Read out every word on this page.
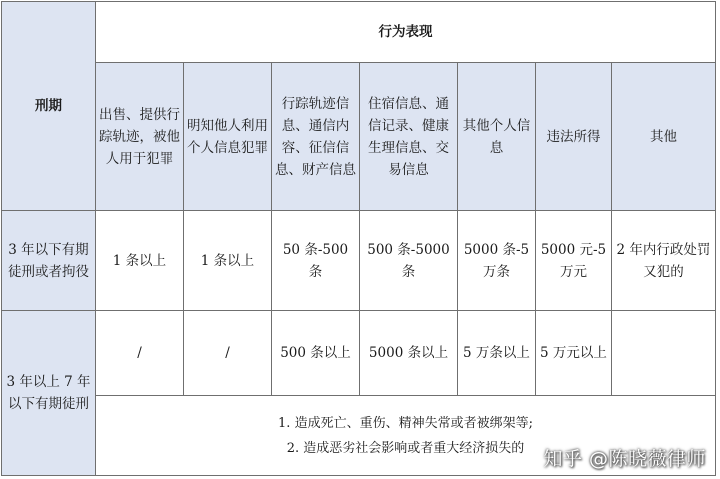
刑期	行为表现						
	出售、提供行踪轨迹，被他人用于犯罪	明知他人利用个人信息犯罪	行踪轨迹信息、通信内容、征信信息、财产信息	住宿信息、通信记录、健康生理信息、交易信息	其他个人信息	违法所得	其他
3 年以下有期徒刑或者拘役	1 条以上	1 条以上	50 条-500 条	500 条-5000 条	5000 条-5 万条	5000 元-5 万元	2 年内行政处罚又犯的
3 年以上 7 年以下有期徒刑	/	/	500 条以上	5000 条以上	5 万条以上	5 万元以上	

	1. 造成死亡、重伤、精神失常或者被绑架等;
2. 造成恶劣社会影响或者重大经济损失的							知乎 @陈晓薇律师
